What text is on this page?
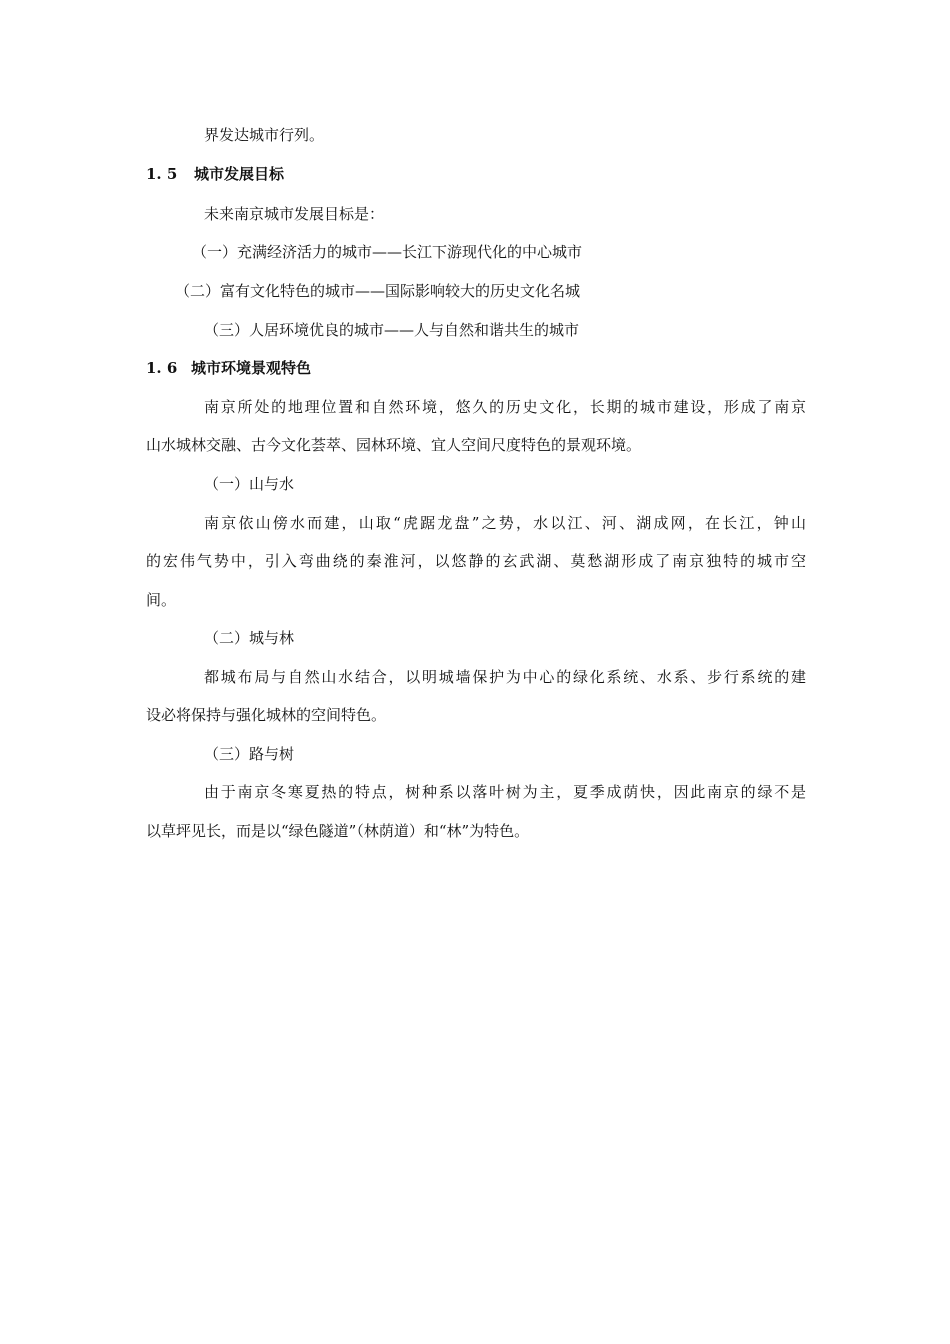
界发达城市行列。
1. 5 城市发展目标
未来南京城市发展目标是：
（一）充满经济活力的城市——长江下游现代化的中心城市
（二）富有文化特色的城市——国际影响较大的历史文化名城
（三）人居环境优良的城市——人与自然和谐共生的城市
1. 6 城市环境景观特色
南京所处的地理位置和自然环境，悠久的历史文化，长期的城市建设，形成了南京
山水城林交融、古今文化荟萃、园林环境、宜人空间尺度特色的景观环境。
（一）山与水
南京依山傍水而建，山取“虎踞龙盘”之势，水以江、河、湖成网，在长江，钟山
的宏伟气势中，引入弯曲绕的秦淮河，以悠静的玄武湖、莫愁湖形成了南京独特的城市空
间。
（二）城与林
都城布局与自然山水结合，以明城墙保护为中心的绿化系统、水系、步行系统的建
设必将保持与强化城林的空间特色。
（三）路与树
由于南京冬寒夏热的特点，树种系以落叶树为主，夏季成荫快，因此南京的绿不是
以草坪见长，而是以“绿色隧道”（林荫道）和“林”为特色。
